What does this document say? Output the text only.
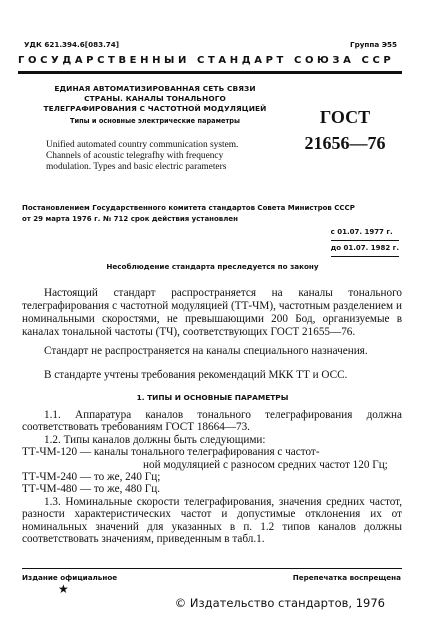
УДК 621.394.6[083.74]	Группа Э55
ГОСУДАРСТВЕННЫЙ СТАНДАРТ СОЮЗА ССР
ЕДИНАЯ АВТОМАТИЗИРОВАННАЯ СЕТЬ СВЯЗИ
СТРАНЫ. КАНАЛЫ ТОНАЛЬНОГО
ТЕЛЕГРАФИРОВАНИЯ С ЧАСТОТНОЙ МОДУЛЯЦИЕЙ
Типы и основные электрические параметры
Unified automated country communication system.
Channels of acoustic telegrafhy with frequency
modulation. Types and basic electric parameters
ГОСТ
21656—76
Постановлением Государственного комитета стандартов Совета Министров СССР
от 29 марта 1976 г. № 712 срок действия установлен
с 01.07. 1977 г.
до 01.07. 1982 г.
Несоблюдение стандарта преследуется по закону

Настоящий стандарт распространяется на каналы тонального телеграфирования с частотной модуляцией (ТТ-ЧМ), частотным разделением и номинальными скоростями, не превышающими 200 Бод, организуемые в каналах тональной частоты (ТЧ), соответствующих ГОСТ 21655—76.

Стандарт не распространяется на каналы специального назначения.

В стандарте учтены требования рекомендаций МКК ТТ и ОСС.

1. ТИПЫ И ОСНОВНЫЕ ПАРАМЕТРЫ

1.1. Аппаратура каналов тонального телеграфирования должна соответствовать требованиям ГОСТ 18664—73.

1.2. Типы каналов должны быть следующими:

ТТ-ЧМ-120 — каналы тонального телеграфирования с частот-

ной модуляцией с разносом средних частот 120 Гц;

ТТ-ЧМ-240 — то же, 240 Гц;

ТТ-ЧМ-480 — то же, 480 Гц.

1.3. Номинальные скорости телеграфирования, значения средних частот, разности характеристических частот и допустимые отклонения их от номинальных значений для указанных в п. 1.2 типов каналов должны соответствовать значениям, приведенным в табл.1.

Издание официальное	Перепечатка воспрещена
★
© Издательство стандартов, 1976
